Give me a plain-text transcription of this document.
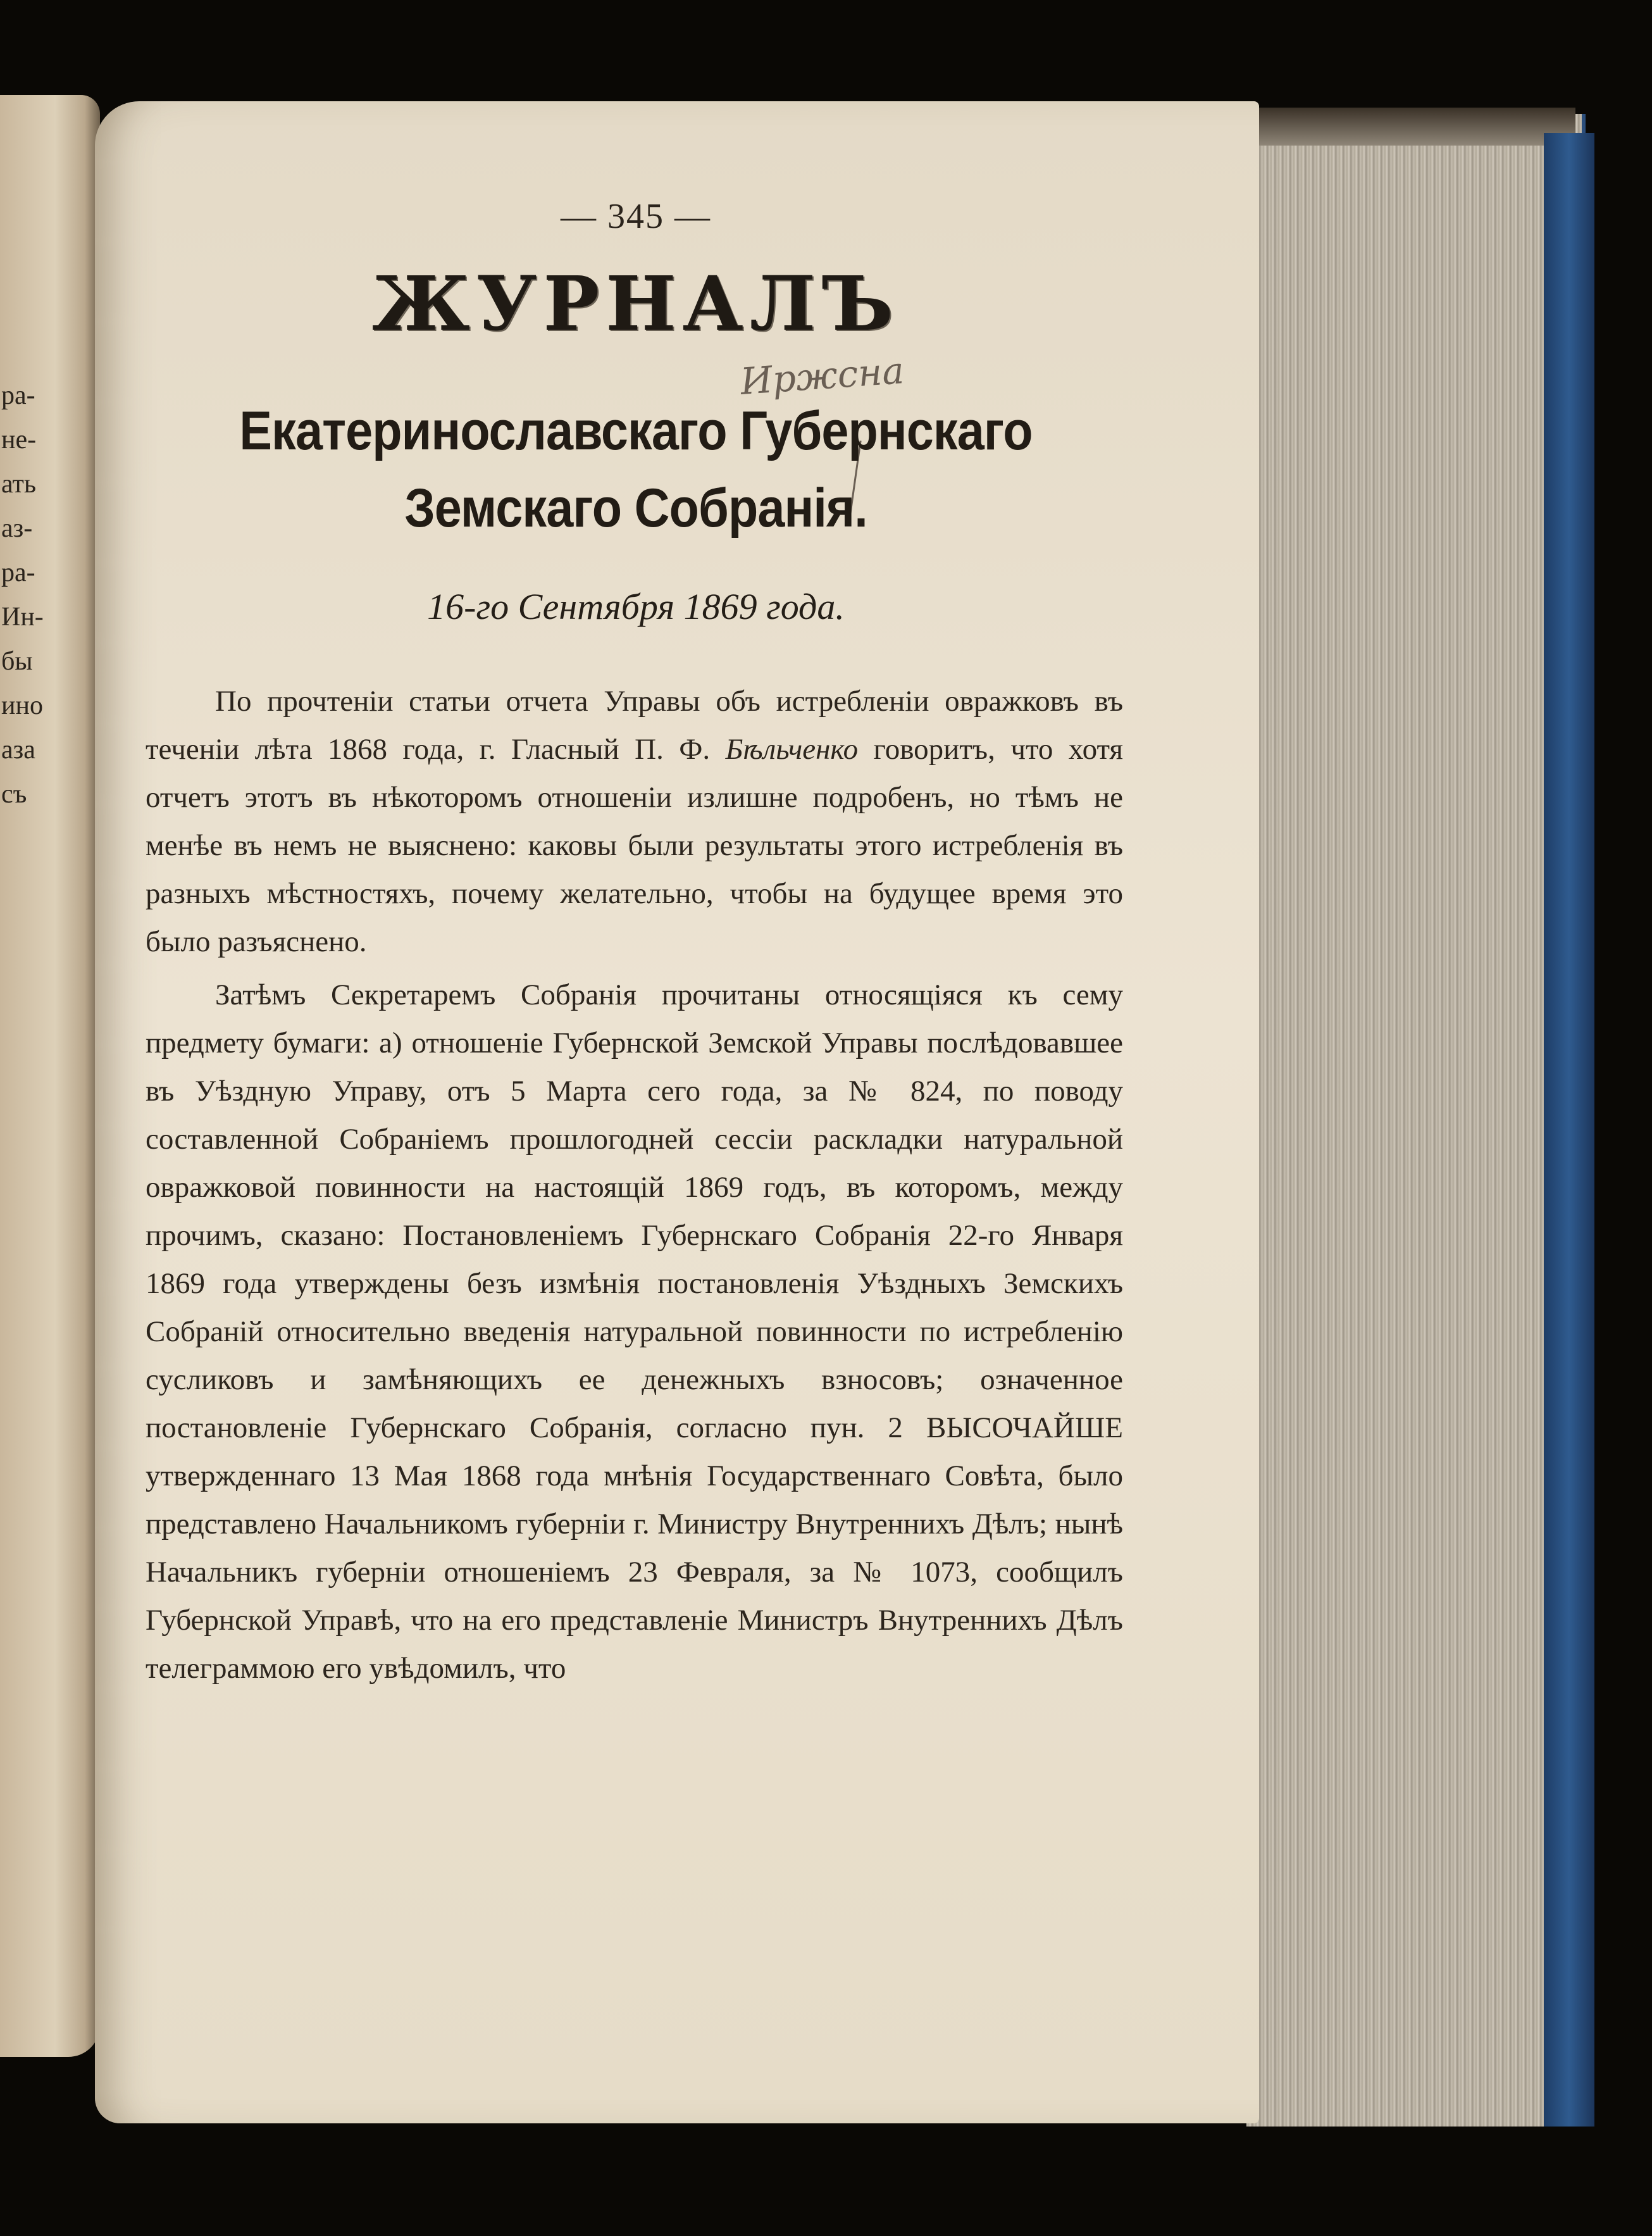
ра-
не-
ать
аз-
ра-
Ин-
бы
ино
аза
съ
— 345 —
ЖУРНАЛЪ
Иржсна
Екатеринославскаго Губернскаго Земскаго Собранія.
16-го Сентября 1869 года.

По прочтеніи статьи отчета Управы объ истребленіи овражковъ въ теченіи лѣта 1868 года, г. Гласный П. Ф. Бѣльченко говоритъ, что хотя отчетъ этотъ въ нѣкоторомъ отношеніи излишне подробенъ, но тѣмъ не менѣе въ немъ не выяснено: каковы были результаты этого истребленія въ разныхъ мѣстностяхъ, почему желательно, чтобы на будущее время это было разъяснено.

Затѣмъ Секретаремъ Собранія прочитаны относящіяся къ сему предмету бумаги: а) отношеніе Губернской Земской Управы послѣдовавшее въ Уѣздную Управу, отъ 5 Марта сего года, за № 824, по поводу составленной Собраніемъ прошлогодней сессіи раскладки натуральной овражковой повинности на настоящій 1869 годъ, въ которомъ, между прочимъ, сказано: Постановленіемъ Губернскаго Собранія 22-го Января 1869 года утверждены безъ измѣнія постановленія Уѣздныхъ Земскихъ Собраній относительно введенія натуральной повинности по истребленію сусликовъ и замѣняющихъ ее денежныхъ взносовъ; означенное постановленіе Губернскаго Собранія, согласно пун. 2 ВЫСОЧАЙШЕ утвержденнаго 13 Мая 1868 года мнѣнія Государственнаго Совѣта, было представлено Начальникомъ губерніи г. Министру Внутреннихъ Дѣлъ; нынѣ Начальникъ губерніи отношеніемъ 23 Февраля, за № 1073, сообщилъ Губернской Управѣ, что на его представленіе Министръ Внутреннихъ Дѣлъ телеграммою его увѣдомилъ, что
